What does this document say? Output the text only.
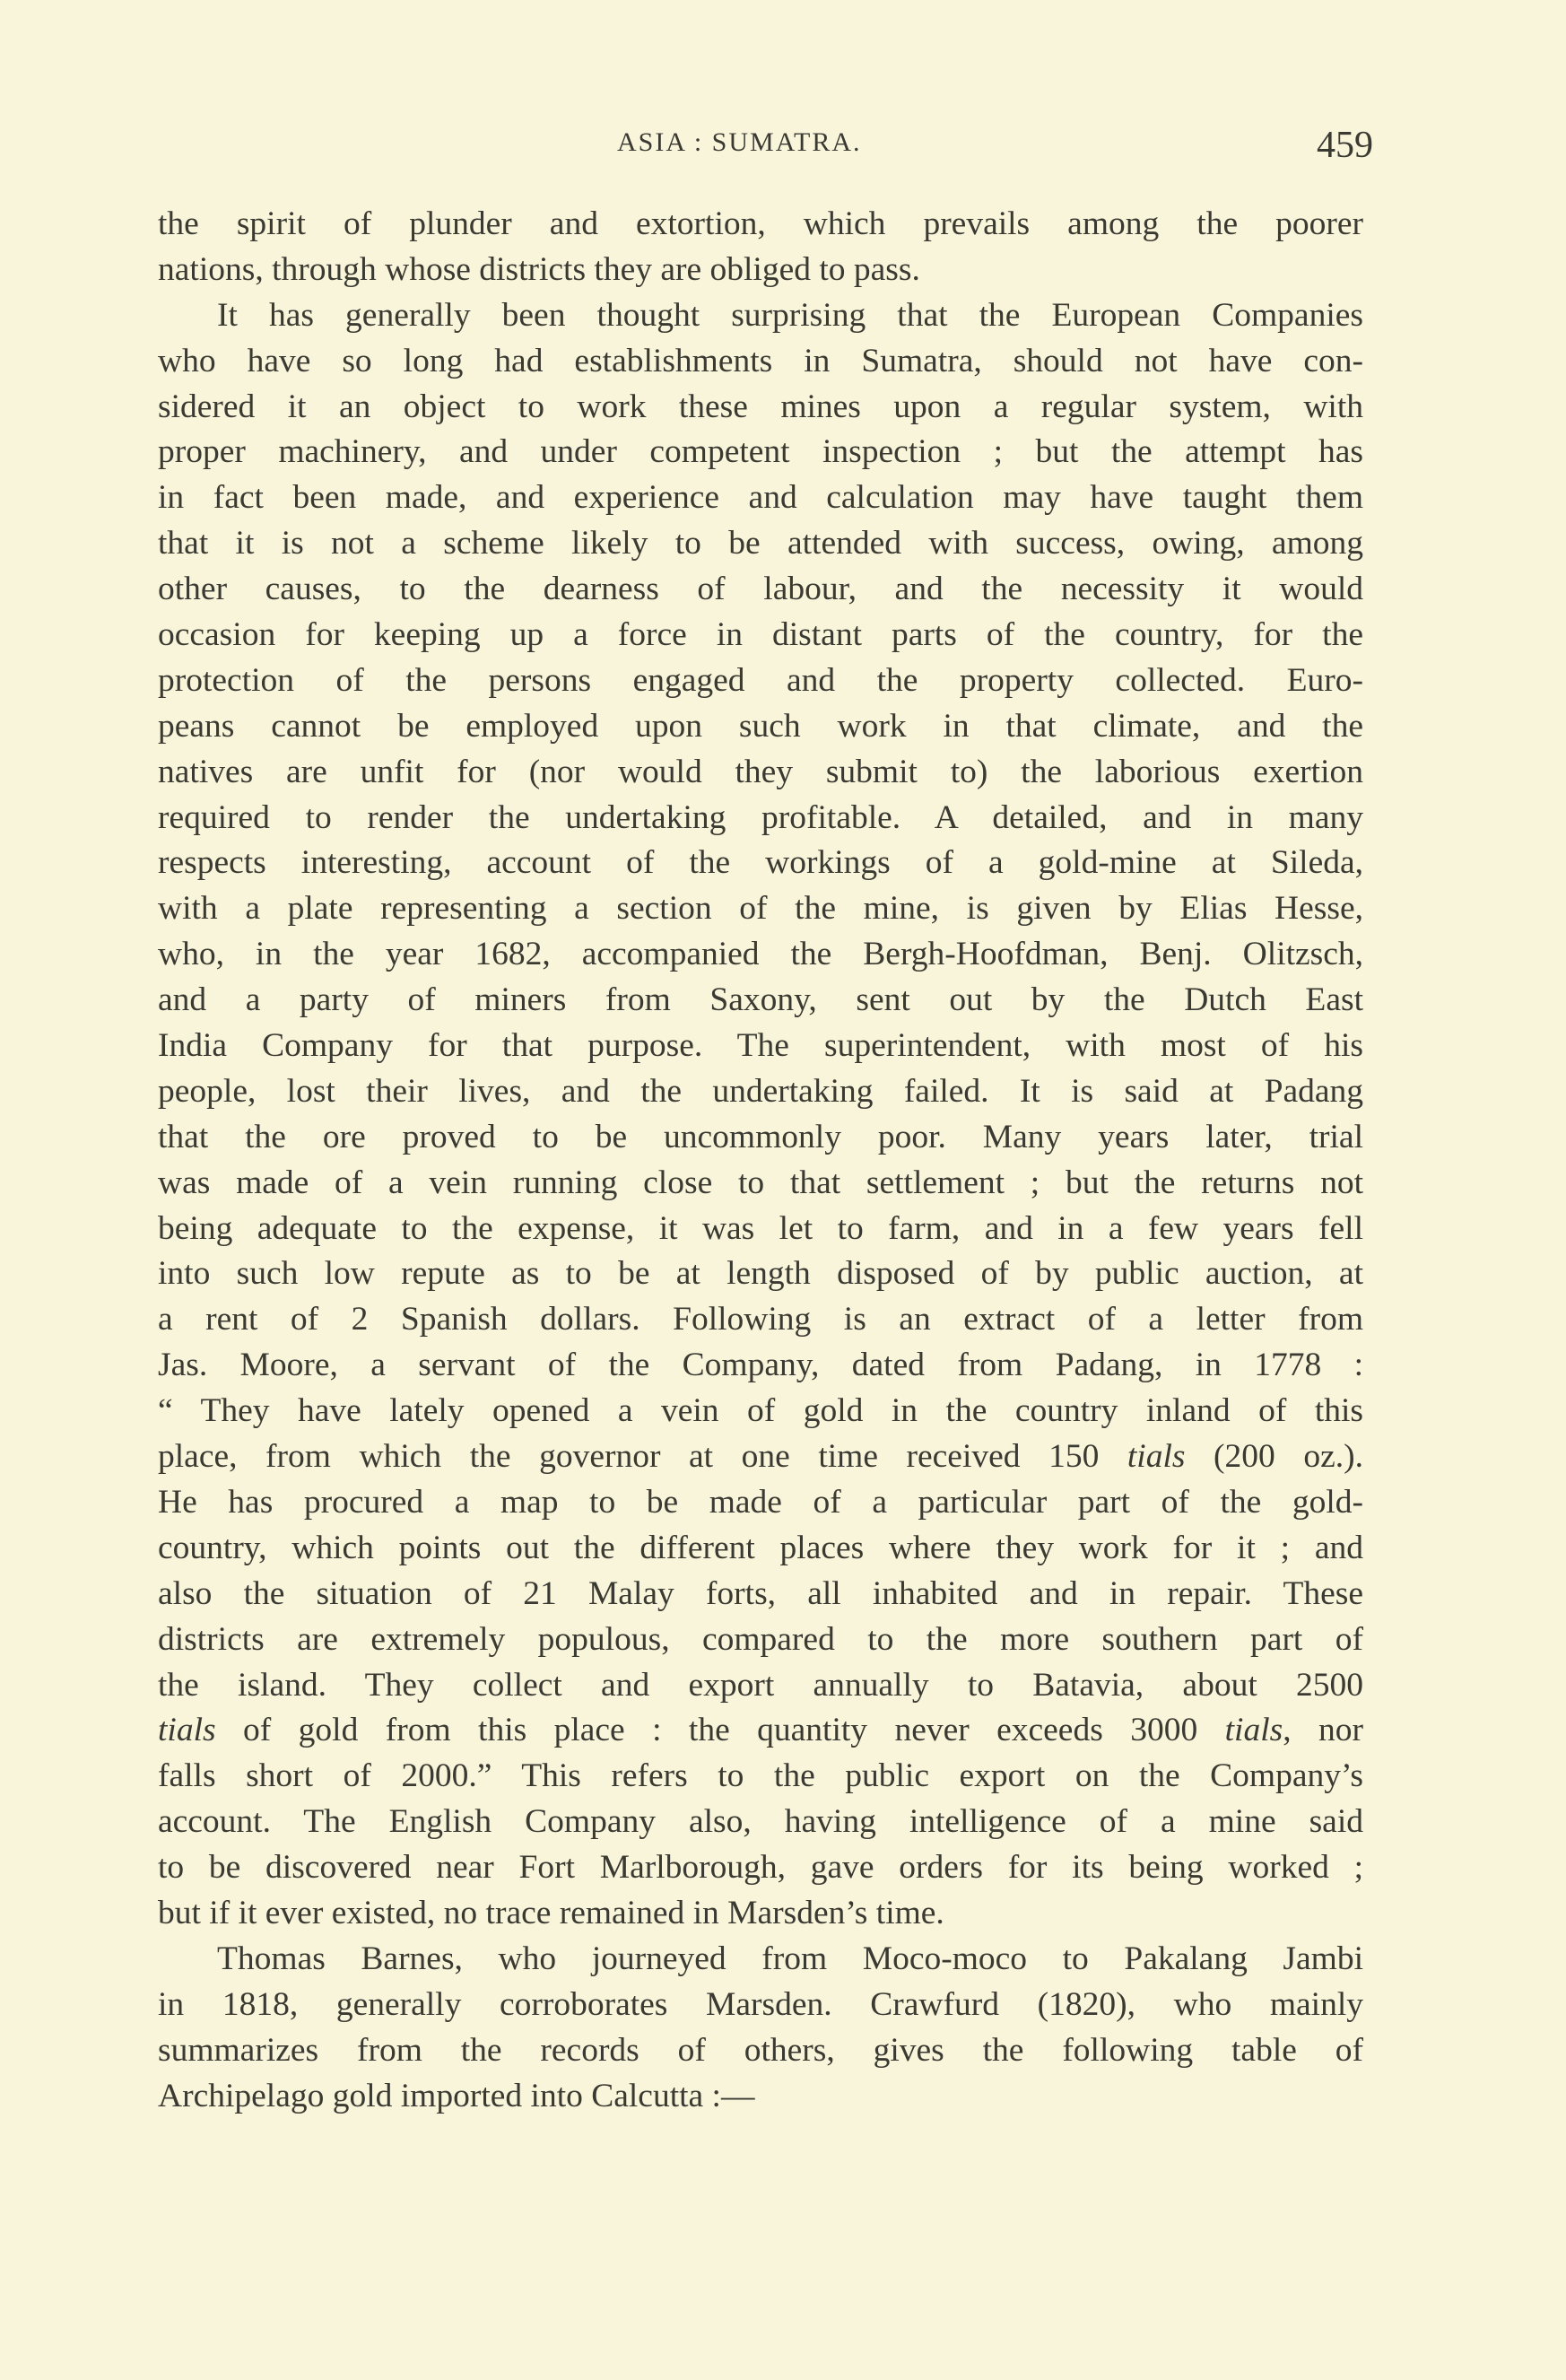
ASIA : SUMATRA.	459
the spirit of plunder and extortion, which prevails among the poorer
nations, through whose districts they are obliged to pass.
It has generally been thought surprising that the European Companies
who have so long had establishments in Sumatra, should not have con-
sidered it an object to work these mines upon a regular system, with
proper machinery, and under competent inspection ; but the attempt has
in fact been made, and experience and calculation may have taught them
that it is not a scheme likely to be attended with success, owing, among
other causes, to the dearness of labour, and the necessity it would
occasion for keeping up a force in distant parts of the country, for the
protection of the persons engaged and the property collected. Euro-
peans cannot be employed upon such work in that climate, and the
natives are unfit for (nor would they submit to) the laborious exertion
required to render the undertaking profitable. A detailed, and in many
respects interesting, account of the workings of a gold-mine at Sileda,
with a plate representing a section of the mine, is given by Elias Hesse,
who, in the year 1682, accompanied the Bergh-Hoofdman, Benj. Olitzsch,
and a party of miners from Saxony, sent out by the Dutch East
India Company for that purpose. The superintendent, with most of his
people, lost their lives, and the undertaking failed. It is said at Padang
that the ore proved to be uncommonly poor. Many years later, trial
was made of a vein running close to that settlement ; but the returns not
being adequate to the expense, it was let to farm, and in a few years fell
into such low repute as to be at length disposed of by public auction, at
a rent of 2 Spanish dollars. Following is an extract of a letter from
Jas. Moore, a servant of the Company, dated from Padang, in 1778 :
“ They have lately opened a vein of gold in the country inland of this
place, from which the governor at one time received 150 tials (200 oz.).
He has procured a map to be made of a particular part of the gold-
country, which points out the different places where they work for it ; and
also the situation of 21 Malay forts, all inhabited and in repair. These
districts are extremely populous, compared to the more southern part of
the island. They collect and export annually to Batavia, about 2500
tials of gold from this place : the quantity never exceeds 3000 tials, nor
falls short of 2000.” This refers to the public export on the Company’s
account. The English Company also, having intelligence of a mine said
to be discovered near Fort Marlborough, gave orders for its being worked ;
but if it ever existed, no trace remained in Marsden’s time.
Thomas Barnes, who journeyed from Moco-moco to Pakalang Jambi
in 1818, generally corroborates Marsden. Crawfurd (1820), who mainly
summarizes from the records of others, gives the following table of
Archipelago gold imported into Calcutta :—
